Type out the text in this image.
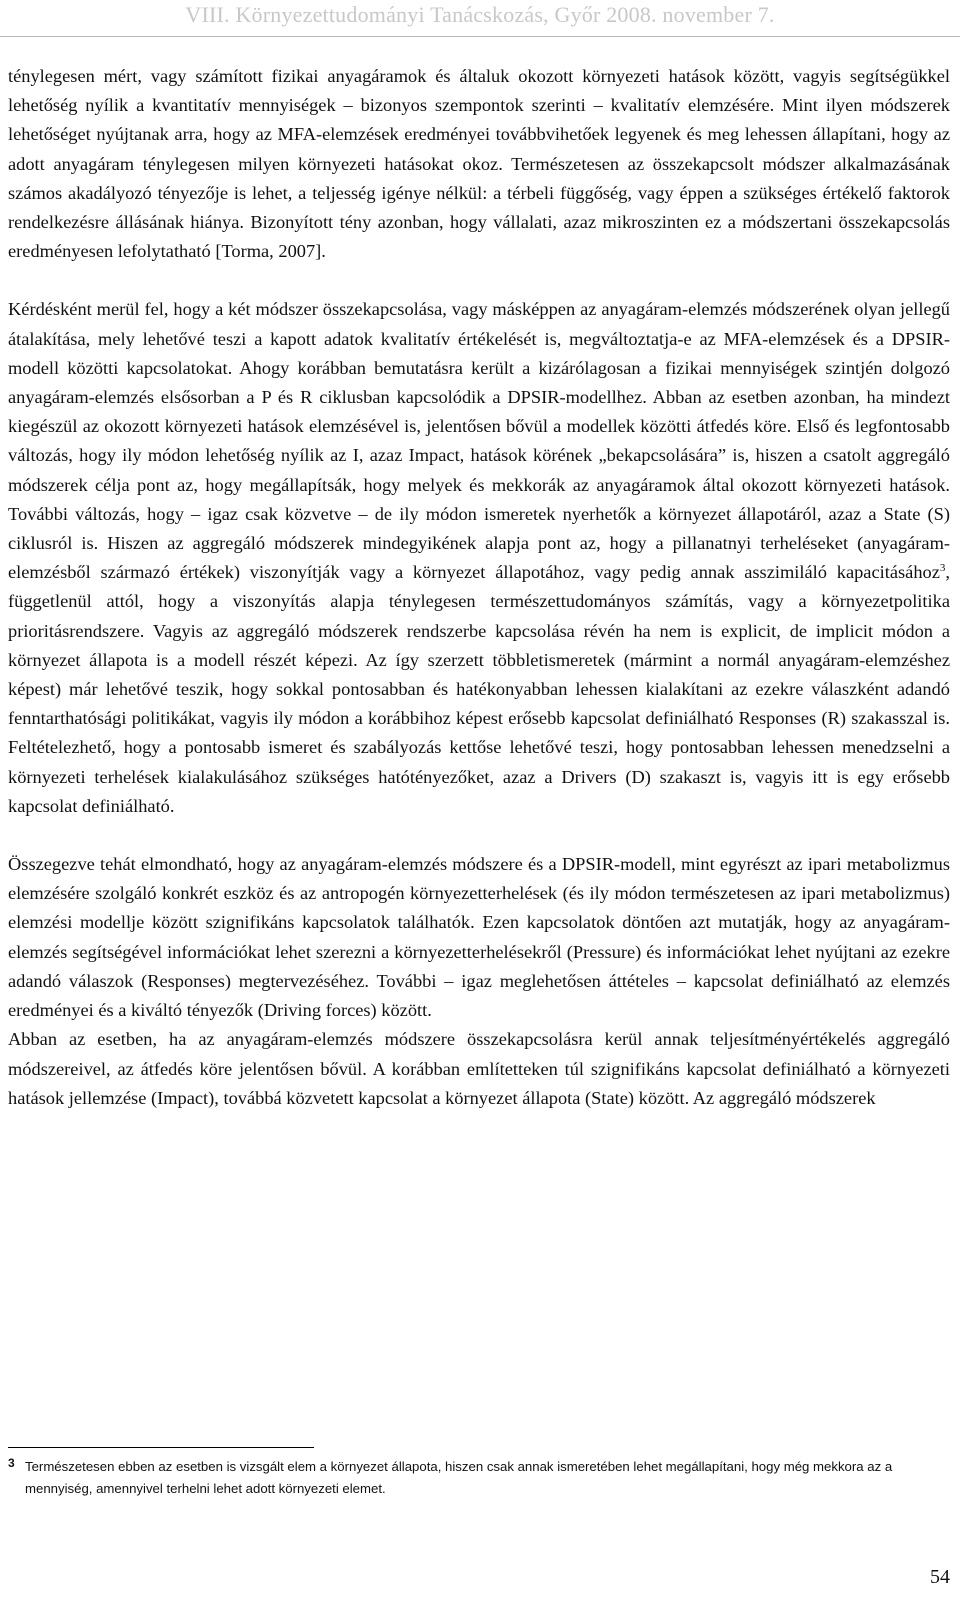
VIII. Környezettudományi Tanácskozás, Győr 2008. november 7.

ténylegesen mért, vagy számított fizikai anyagáramok és általuk okozott környezeti hatások között, vagyis segítségükkel lehetőség nyílik a kvantitatív mennyiségek – bizonyos szempontok szerinti – kvalitatív elemzésére. Mint ilyen módszerek lehetőséget nyújtanak arra, hogy az MFA-elemzések eredményei továbbvihetőek legyenek és meg lehessen állapítani, hogy az adott anyagáram ténylegesen milyen környezeti hatásokat okoz. Természetesen az összekapcsolt módszer alkalmazásának számos akadályozó tényezője is lehet, a teljesség igénye nélkül: a térbeli függőség, vagy éppen a szükséges értékelő faktorok rendelkezésre állásának hiánya. Bizonyított tény azonban, hogy vállalati, azaz mikroszinten ez a módszertani összekapcsolás eredményesen lefolytatható [Torma, 2007].

Kérdésként merül fel, hogy a két módszer összekapcsolása, vagy másképpen az anyagáram-elemzés módszerének olyan jellegű átalakítása, mely lehetővé teszi a kapott adatok kvalitatív értékelését is, megváltoztatja-e az MFA-elemzések és a DPSIR-modell közötti kapcsolatokat. Ahogy korábban bemutatásra került a kizárólagosan a fizikai mennyiségek szintjén dolgozó anyagáram-elemzés elsősorban a P és R ciklusban kapcsolódik a DPSIR-modellhez. Abban az esetben azonban, ha mindezt kiegészül az okozott környezeti hatások elemzésével is, jelentősen bővül a modellek közötti átfedés köre. Első és legfontosabb változás, hogy ily módon lehetőség nyílik az I, azaz Impact, hatások körének „bekapcsolására” is, hiszen a csatolt aggregáló módszerek célja pont az, hogy megállapítsák, hogy melyek és mekkorák az anyagáramok által okozott környezeti hatások. További változás, hogy – igaz csak közvetve – de ily módon ismeretek nyerhetők a környezet állapotáról, azaz a State (S) ciklusról is. Hiszen az aggregáló módszerek mindegyikének alapja pont az, hogy a pillanatnyi terheléseket (anyagáram-elemzésből származó értékek) viszonyítják vagy a környezet állapotához, vagy pedig annak asszimiláló kapacitásához$^3$, függetlenül attól, hogy a viszonyítás alapja ténylegesen természettudományos számítás, vagy a környezetpolitika prioritásrendszere. Vagyis az aggregáló módszerek rendszerbe kapcsolása révén ha nem is explicit, de implicit módon a környezet állapota is a modell részét képezi. Az így szerzett többletismeretek (mármint a normál anyagáram-elemzéshez képest) már lehetővé teszik, hogy sokkal pontosabban és hatékonyabban lehessen kialakítani az ezekre válaszként adandó fenntarthatósági politikákat, vagyis ily módon a korábbihoz képest erősebb kapcsolat definiálható Responses (R) szakasszal is. Feltételezhető, hogy a pontosabb ismeret és szabályozás kettőse lehetővé teszi, hogy pontosabban lehessen menedzselni a környezeti terhelések kialakulásához szükséges hatótényezőket, azaz a Drivers (D) szakaszt is, vagyis itt is egy erősebb kapcsolat definiálható.

Összegezve tehát elmondható, hogy az anyagáram-elemzés módszere és a DPSIR-modell, mint egyrészt az ipari metabolizmus elemzésére szolgáló konkrét eszköz és az antropogén környezetterhelések (és ily módon természetesen az ipari metabolizmus) elemzési modellje között szignifikáns kapcsolatok találhatók. Ezen kapcsolatok döntően azt mutatják, hogy az anyagáram-elemzés segítségével információkat lehet szerezni a környezetterhelésekről (Pressure) és információkat lehet nyújtani az ezekre adandó válaszok (Responses) megtervezéséhez. További – igaz meglehetősen áttételes – kapcsolat definiálható az elemzés eredményei és a kiváltó tényezők (Driving forces) között.

Abban az esetben, ha az anyagáram-elemzés módszere összekapcsolásra kerül annak teljesítményértékelés aggregáló módszereivel, az átfedés köre jelentősen bővül. A korábban említetteken túl szignifikáns kapcsolat definiálható a környezeti hatások jellemzése (Impact), továbbá közvetett kapcsolat a környezet állapota (State) között. Az aggregáló módszerek

3 Természetesen ebben az esetben is vizsgált elem a környezet állapota, hiszen csak annak ismeretében lehet megállapítani, hogy még mekkora az a mennyiség, amennyivel terhelni lehet adott környezeti elemet.
54
